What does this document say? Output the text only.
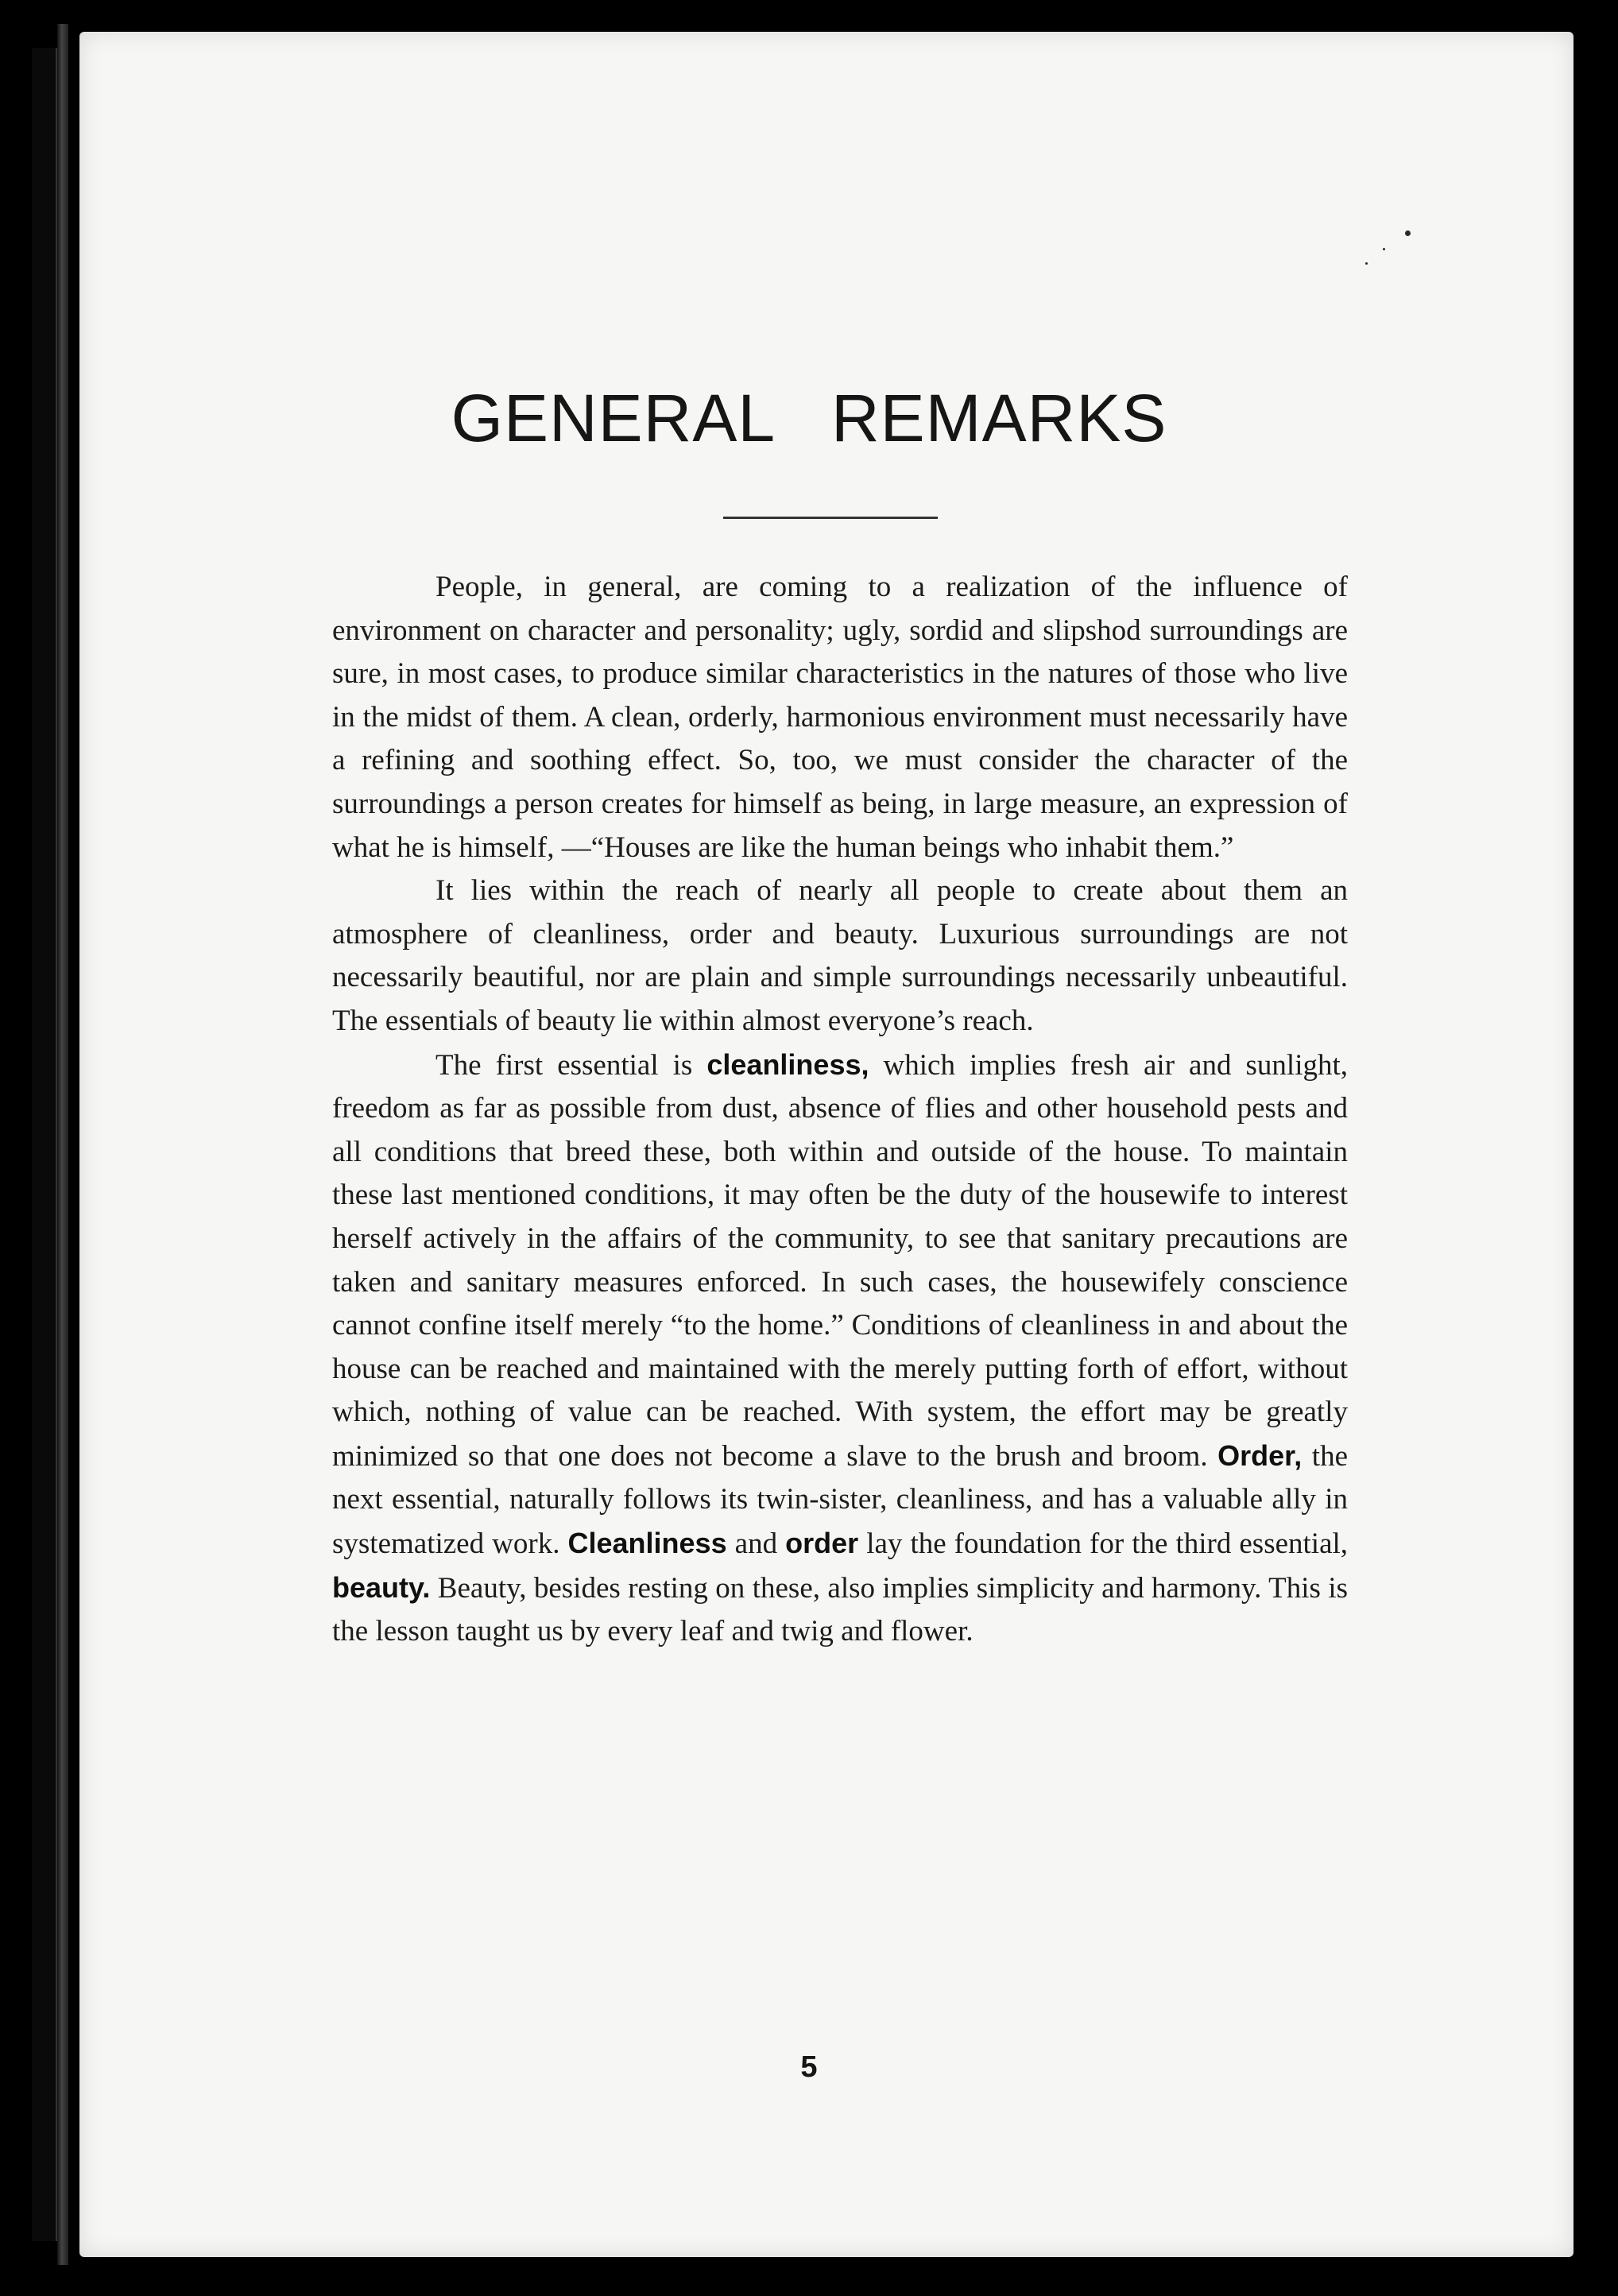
GENERAL   REMARKS

People, in general, are coming to a realization of the influence of environment on character and personality; ugly, sordid and slipshod surroundings are sure, in most cases, to produce similar characteristics in the natures of those who live in the midst of them. A clean, orderly, harmonious environment must necessarily have a refining and soothing effect. So, too, we must consider the character of the surroundings a person creates for himself as being, in large measure, an expression of what he is himself, —“Houses are like the human beings who inhabit them.”

It lies within the reach of nearly all people to create about them an atmosphere of cleanliness, order and beauty. Luxurious surroundings are not necessarily beautiful, nor are plain and simple surroundings necessarily unbeautiful. The essentials of beauty lie within almost everyone’s reach.

The first essential is cleanliness, which implies fresh air and sunlight, freedom as far as possible from dust, absence of flies and other household pests and all conditions that breed these, both within and outside of the house. To maintain these last mentioned conditions, it may often be the duty of the housewife to interest herself actively in the affairs of the community, to see that sanitary precautions are taken and sanitary measures enforced. In such cases, the housewifely conscience cannot confine itself merely “to the home.” Conditions of cleanliness in and about the house can be reached and maintained with the merely putting forth of effort, without which, nothing of value can be reached. With system, the effort may be greatly minimized so that one does not become a slave to the brush and broom. Order, the next essential, naturally follows its twin-sister, cleanliness, and has a valuable ally in systematized work. Cleanliness and order lay the foundation for the third essential, beauty. Beauty, besides resting on these, also implies simplicity and harmony. This is the lesson taught us by every leaf and twig and flower.

5
